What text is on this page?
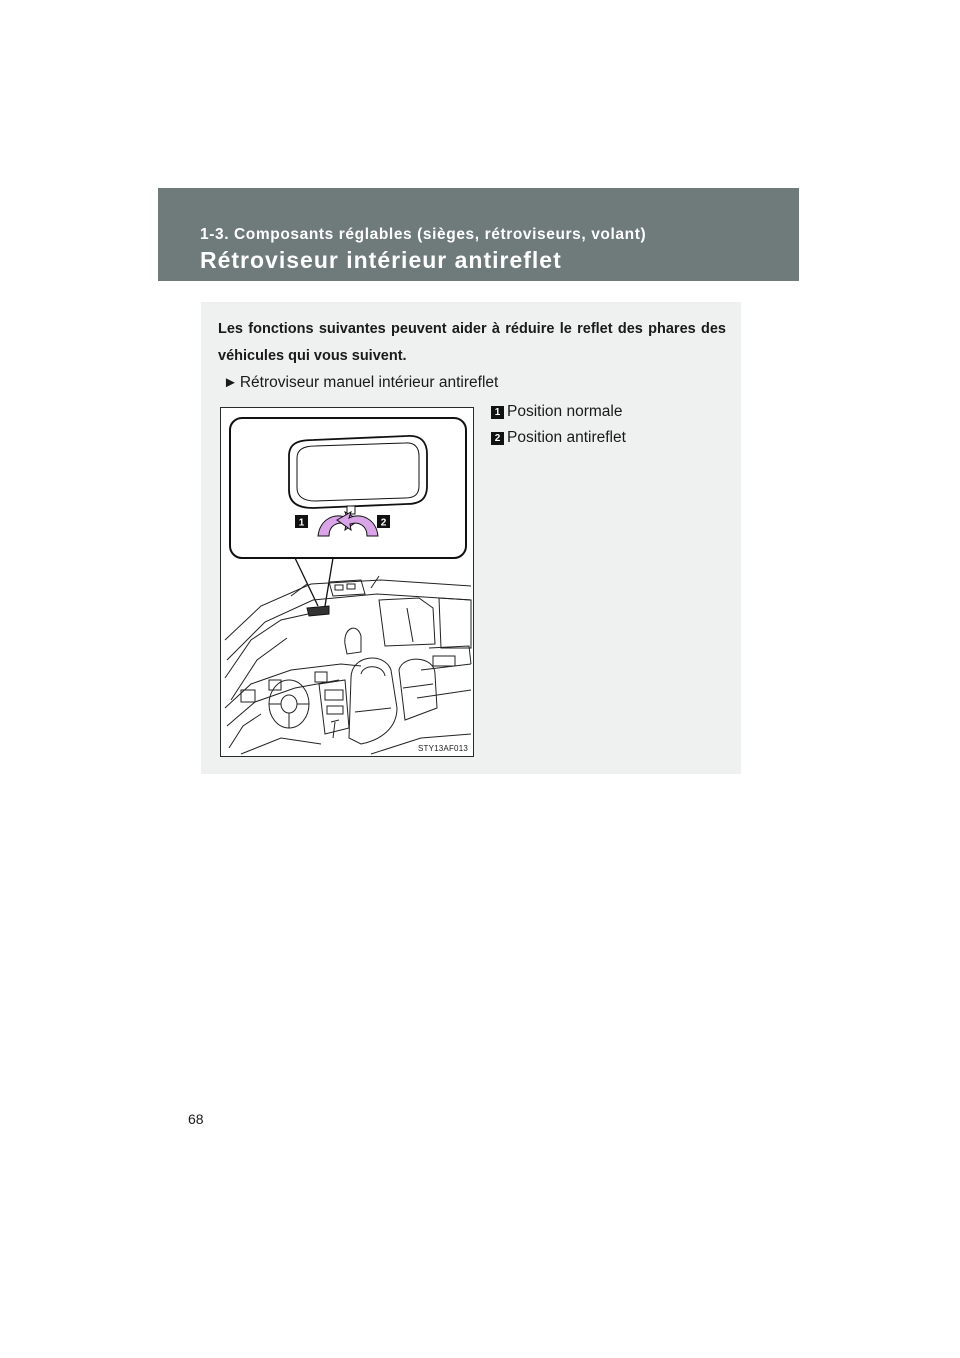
1-3. Composants réglables (sièges, rétroviseurs, volant)
Rétroviseur intérieur antireflet
Les fonctions suivantes peuvent aider à réduire le reflet des phares des véhicules qui vous suivent.
► Rétroviseur manuel intérieur antireflet
1	2
STY13AF013
1 Position normale
2 Position antireflet
68
